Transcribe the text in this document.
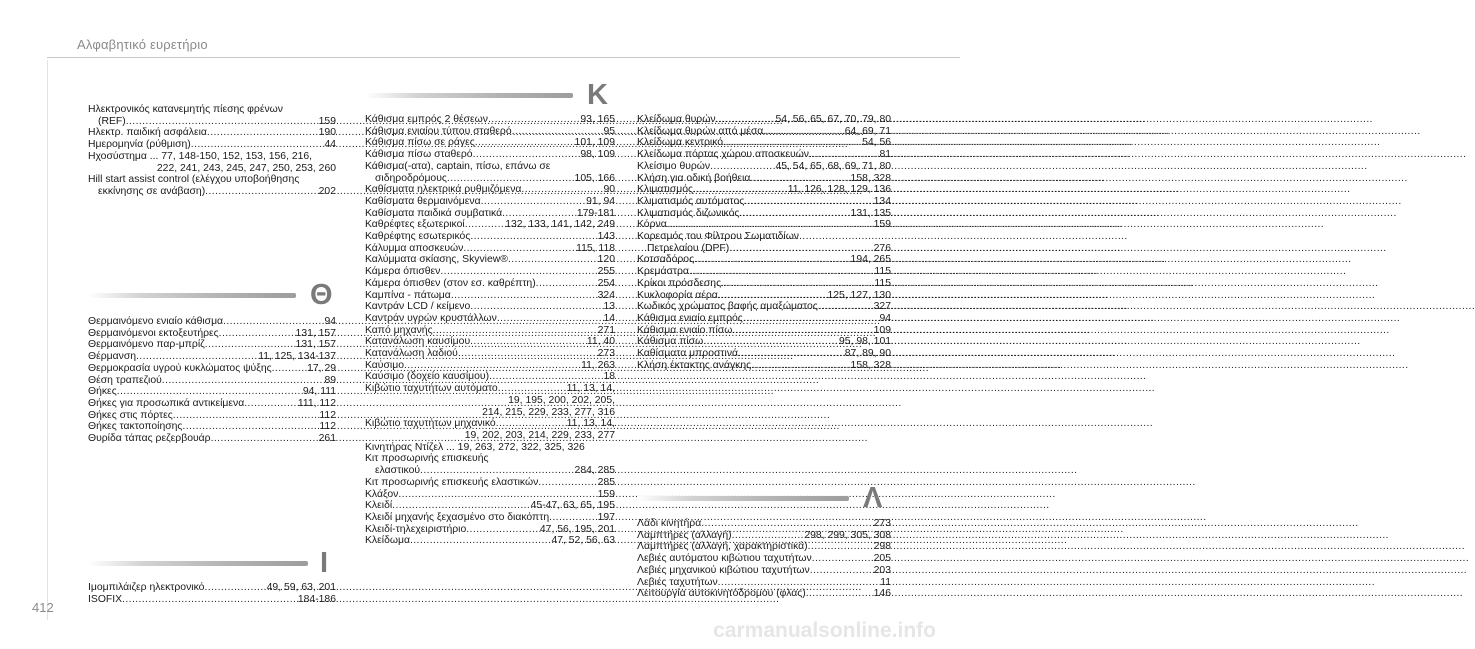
Αλφαβητικό ευρετήριο
Ηλεκτρονικός κατανεμητής πίεσης φρένων
(REF) .....	159
Ηλεκτρ. παιδική ασφάλεια .....	190
Ημερομηνία (ρύθμιση) .....	44
Ηχοσύστημα ... 77, 148-150, 152, 153, 156, 216,
222, 241, 243, 245, 247, 250, 253, 260
Hill start assist control (ελέγχου υποβοήθησης
εκκίνησης σε ανάβαση) .....	202
Θ
Θερμαινόμενο ενιαίο κάθισμα .....	94
Θερμαινόμενοι εκτοξευτήρες .....	131, 157
Θερμαινόμενο παρ-μπρίζ .....	131, 157
Θέρμανση .....	11, 125, 134-137
Θερμοκρασία υγρού κυκλώματος ψύξης .....	17, 29
Θέση τραπεζιού .....	89
Θήκες .....	94, 111
Θήκες για προσωπικά αντικείμενα .....	111, 112
Θήκες στις πόρτες .....	112
Θήκες τακτοποίησης .....	112
Θυρίδα τάπας ρεζερβουάρ .....	261
I
Ιμομπιλάιζερ ηλεκτρονικό .....	49, 59, 63, 201
ISOFIX .....	184-186
K
Κάθισμα εμπρός 2 θέσεων .....	93, 165
Κάθισμα ενιαίου τύπου σταθερό .....	95
Κάθισμα πίσω σε ράγες .....	101, 109
Κάθισμα πίσω σταθερό .....	98, 109
Κάθισμα(-ατα), captain, πίσω, επάνω σε
σιδηροδρόμους .....	105, 166
Καθίσματα ηλεκτρικά ρυθμιζόμενα .....	90
Καθίσματα θερμαινόμενα .....	91, 94
Καθίσματα παιδικά συμβατικά .....	179-181
Καθρέφτες εξωτερικοί .....	132, 133, 141, 142, 249
Καθρέφτης εσωτερικός .....	143
Κάλυμμα αποσκευών .....	115, 118
Καλύμματα σκίασης, Skyview® .....	120
Κάμερα όπισθεν .....	255
Κάμερα όπισθεν (στον εσ. καθρέπτη) .....	254
Καμπίνα - πάτωμα .....	324
Καντράν LCD / κείμενο .....	13
Καντράν υγρών κρυστάλλων .....	14
Καπό μηχανής .....	271
Κατανάλωση καυσίμου .....	11, 40
Κατανάλωση λαδιού .....	273
Καύσιμο .....	11, 263
Καύσιμο (δοχείο καυσίμου) .....	18
Κιβώτιο ταχυτήτων αυτόματο .....	11, 13, 14,
19, 195, 200, 202, 205,
214, 215, 229, 233, 277, 316
Κιβώτιο ταχυτήτων μηχανικό .....	11, 13, 14,
19, 202, 203, 214, 229, 233, 277
Κινητήρας Ντίζελ ... 19, 263, 272, 322, 325, 326
Κιτ προσωρινής επισκευής
ελαστικού .....	284, 285
Κιτ προσωρινής επισκευής ελαστικών .....	285
Κλάξον .....	159
Κλειδί .....	45-47, 63, 65, 195
Κλειδί μηχανής ξεχασμένο στο διακόπτη .....	197
Κλειδί-τηλεχειριστήριο .....	47, 56, 195, 201
Κλείδωμα .....	47, 52, 56, 63
Κλείδωμα θυρών .....	54, 56, 65, 67, 70, 79, 80
Κλείδωμα θυρών από μέσα .....	64, 69, 71
Κλείδωμα κεντρικό .....	54, 56
Κλείδωμα πόρτας χώρου αποσκευών .....	81
Κλείσιμο θυρών .....	45, 54, 65, 68, 69, 71, 80
Κλήση για οδική βοήθεια .....	158, 328
Κλιματισμός .....	11, 126, 128, 129, 136
Κλιματισμός αυτόματος .....	134
Κλιματισμός διζωνικός .....	131, 135
Κόρνα .....	159
Κορεσμός του Φίλτρου Σωματιδίων
Πετρελαίου (DPF) .....	276
Κοτσαδόρος .....	194, 265
Κρεμάστρα .....	115
Κρίκοι πρόσδεσης .....	115
Κυκλοφορία αέρα .....	125, 127, 130
Κωδικός χρώματος βαφής αμαξώματος .....	327
Κάθισμα ενιαίο εμπρός .....	94
Κάθισμα ενιαίο πίσω .....	109
Κάθισμα πίσω .....	95, 98, 101
Καθίσματα μπροστινά .....	87, 89, 90
Κλήση έκτακτης ανάγκης .....	158, 328
Λ
Λάδι κινητήρα .....	273
Λαμπτήρες (αλλαγή) .....	298, 299, 305, 308
Λαμπτήρες (αλλαγή, χαρακτηριστικά) .....	298
Λεβιές αυτόματου κιβώτιου ταχυτήτων .....	205
Λεβιές μηχανικού κιβώτιου ταχυτήτων .....	203
Λεβιές ταχυτήτων .....	11
Λειτουργία αυτοκινητόδρομου (φλας) .....	146
412
carmanualsonline.info
